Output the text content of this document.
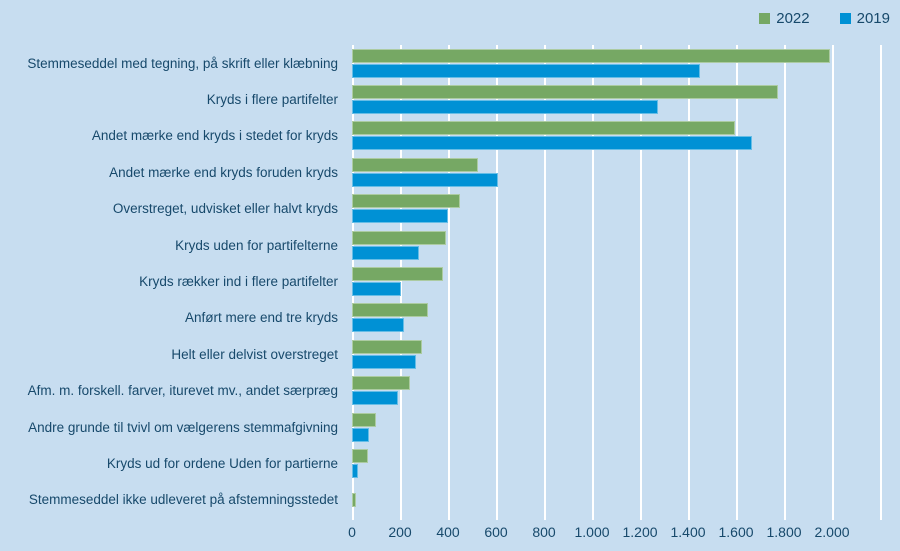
2022	2019
Stemmeseddel med tegning, på skrift eller klæbning
Kryds i flere partifelter
Andet mærke end kryds i stedet for kryds
Andet mærke end kryds foruden kryds
Overstreget, udvisket eller halvt kryds
Kryds uden for partifelterne
Kryds rækker ind i flere partifelter
Anført mere end tre kryds
Helt eller delvist overstreget
Afm. m. forskell. farver, iturevet mv., andet særpræg
Andre grunde til tvivl om vælgerens stemmafgivning
Kryds ud for ordene Uden for partierne
Stemmeseddel ikke udleveret på afstemningsstedet
0 200 400 600 800 1.000 1.200 1.400 1.600 1.800 2.000
